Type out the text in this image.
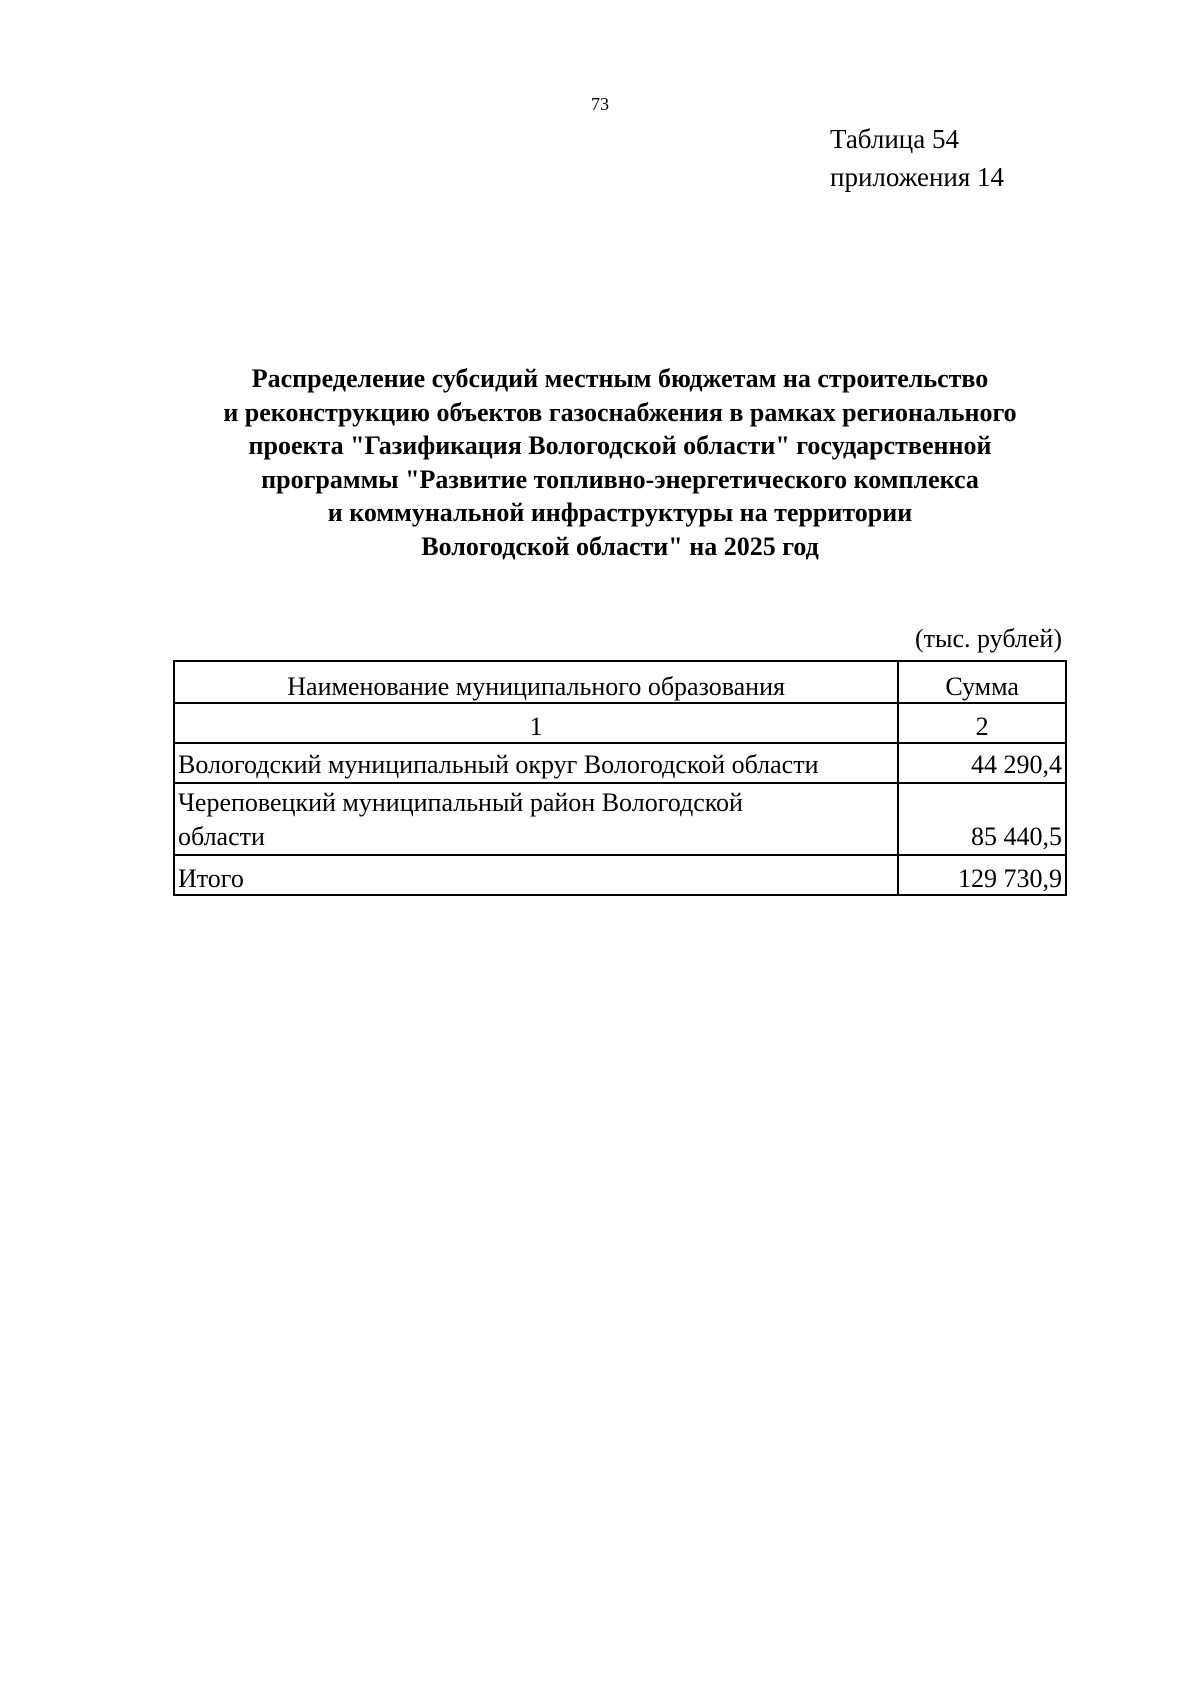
73
Таблица 54
приложения 14
Распределение субсидий местным бюджетам на строительство
и реконструкцию объектов газоснабжения в рамках регионального
проекта "Газификация Вологодской области" государственной
программы "Развитие топливно-энергетического комплекса
и коммунальной инфраструктуры на территории
Вологодской области" на 2025 год
(тыс. рублей)
Наименование муниципального образования	Сумма
1	2
Вологодский муниципальный округ Вологодской области	44 290,4

Череповецкий муниципальный район Вологодской
области	85 440,5
Итого	129 730,9
